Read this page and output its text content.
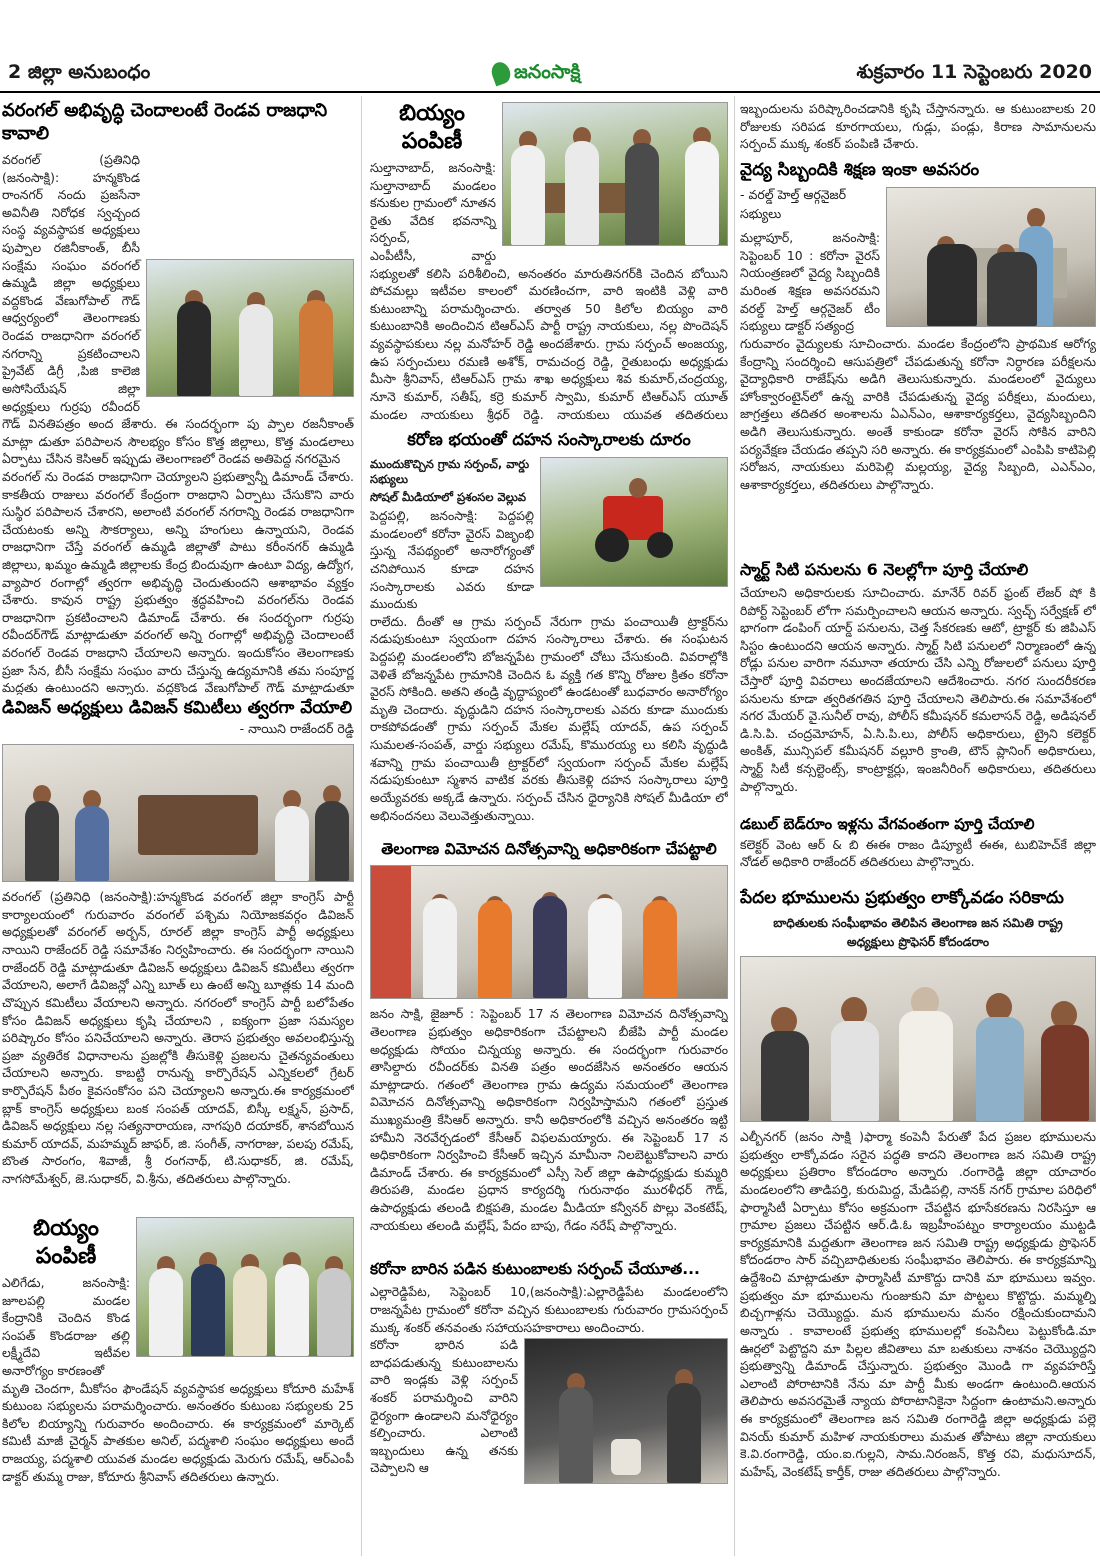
2 జిల్లా అనుబంధం	జనంసాక్షి	శుక్రవారం 11 సెప్టెంబరు 2020
వరంగల్ అభివృద్ధి చెందాలంటే రెండవ రాజధాని కావాలి

వరంగల్ (ప్రతినిధి (జనంసాక్షి): హన్మకొండ రాంనగర్ నందు ప్రజసేనా అవినీతి నిరోధక స్వచ్చంద సంస్థ వ్యవస్థాపక అధ్యక్షులు పుప్పాల రజినీకాంత్, బీసీ సంక్షేమ సంఘం వరంగల్ ఉమ్మడి జిల్లా అధ్యక్షులు వద్దకొండ వేణుగోపాల్ గౌడ్ ఆధ్వర్యంలో తెలంగాణకు రెండవ రాజధానిగా వరంగల్ నగరాన్ని ప్రకటించాలని ప్రైవేట్ డిగ్రీ ,పిజి కాలెజి అసోసియేషన్ జిల్లా అధ్యక్షులు గుర్రపు రవీందర్ గౌడ్ వినతిపత్రం అంద జేశారు. ఈ సందర్భంగా పు ప్పాల రజనీకాంత్ మాట్లా డుతూ పరిపాలన సౌలభ్యం కోసం కొత్త జిల్లాలు, కొత్త మండలాలు ఏర్పాటు చేసిన కెసిఆర్ ఇప్పుడు తెలంగాణలో రెండవ అతిపెద్ద నగరమైన

వరంగల్ ను రెండవ రాజధానిగా చెయ్యాలని ప్రభుత్వాన్నీ డిమాండ్ చేశారు. కాకతీయ రాజులు వరంగల్ కేంద్రంగా రాజధాని ఏర్పాటు చేసుకొని వారు సుస్థిర పరిపాలన చేశారని, అలాంటి వరంగల్ నగరాన్ని రెండవ రాజధానిగా చేయటంకు అన్ని సౌకర్యాలు, అన్ని హంగులు ఉన్నాయని, రెండవ రాజధానిగా చేస్తే వరంగల్ ఉమ్మడి జిల్లాతో పాటు కరీంనగర్ ఉమ్మడి జిల్లాలు, ఖమ్మం ఉమ్మడి జిల్లాలకు కేంద్ర బిందువుగా ఉంటూ విద్య, ఉద్యోగ, వ్యాపార రంగాల్లో త్వరగా అభివృద్ధి చెందుతుందని ఆశాభావం వ్యక్తం చేశారు. కావున రాష్ట్ర ప్రభుత్వం శ్రద్ధవహించి వరంగల్‌ను రెండవ రాజధానిగా ప్రకటించాలని డిమాండ్ చేశారు. ఈ సందర్భంగా గుర్రపు రవీందర్‌గౌడ్ మాట్లాడుతూ వరంగల్ అన్ని రంగాల్లో అభివృద్ధి చెందాలంటే వరంగల్ రెండవ రాజధాని చేయాలని అన్నారు. ఇందుకోసం తెలంగాణకు ప్రజా సేన, బీసీ సంక్షేమ సంఘం వారు చేస్తున్న ఉద్యమానికి తమ సంపూర్ణ మద్దతు ఉంటుందని అన్నారు. వద్దకొండ వేణుగోపాల్ గౌడ్ మాట్లాడుతూ

డివిజన్ అధ్యక్షులు డివిజన్ కమిటీలు త్వరగా వేయాలి
- నాయిని రాజేందర్ రెడ్డి

వరంగల్ (ప్రతినిధి (జనంసాక్షి):హన్మకొండ వరంగల్ జిల్లా కాంగ్రెస్ పార్టీ కార్యాలయంలో గురువారం వరంగల్ పశ్చిమ నియోజకవర్గం డివిజన్ అధ్యక్షులతో వరంగల్ అర్బన్, రూరల్ జిల్లా కాంగ్రెస్ పార్టీ అధ్యక్షులు నాయిని రాజేందర్ రెడ్డి సమావేశం నిర్వహించారు. ఈ సందర్భంగా నాయిని రాజేందర్ రెడ్డి మాట్లాడుతూ డివిజన్ అధ్యక్షులు డివిజన్ కమిటీలు త్వరగా వేయాలని, అలాగే డివిజన్లో ఎన్ని బూత్ లు ఉంటే అన్ని బూత్లకు 14 మంది చొప్పున కమిటీలు వేయాలని అన్నారు. నగరంలో కాంగ్రెస్ పార్టీ బలోపేతం కోసం డివిజన్ అధ్యక్షులు కృషి చేయాలని , ఐక్యంగా ప్రజా సమస్యల పరిష్కారం కోసం పనిచేయాలని అన్నారు. తెరాస ప్రభుత్వం అవలంభిస్తున్న ప్రజా వ్యతిరేక విధానాలను ప్రజల్లోకి తీసుకెళ్లి ప్రజలను చైతన్యవంతులు చేయాలని అన్నారు. కాబట్టి రానున్న కార్పొరేషన్ ఎన్నికలలో గ్రేటర్ కార్పొరేషన్ పీఠం కైవసంకోసం పని చెయ్యాలని అన్నారు.ఈ కార్యక్రమంలో బ్లాక్ కాంగ్రెస్ అధ్యక్షులు బంక సంపత్ యాదవ్, బిస్కీ లక్ష్మన్, ప్రసాద్, డివిజన్ అధ్యక్షులు నల్ల సత్యనారాయణ, నాగపురి దయాకర్, శానబోయిన కుమార్ యాదవ్, మహమ్మద్ జాఫర్, జి. సంగీత్, నాగరాజు, పలపు రమేష్, బొంత సారంగం, శివాజీ, శ్రీ రంగనాథ్, టి.సుధాకర్, జి. రమేష్, నాగసోమేశ్వర్, జె.సుధాకర్, వి.శ్రీను, తదితరులు పాల్గొన్నారు.

బియ్యం
పంపిణీ

ఎలిగేడు, జనంసాక్షి: జూలపల్లి మండల కేంద్రానికి చెందిన కొండ సంపత్ కొండరాజు తల్లి లక్ష్మీదేవి ఇటీవల అనారోగ్యం కారణంతో

మృతి చెందగా, మీకోసం ఫౌండేషన్ వ్యవస్థాపక అధ్యక్షులు కోదూరి మహేశ్ కుటుంబ సభ్యులను పరామర్శించారు. అనంతరం కుటుంబ సభ్యులకు 25 కిలోల బియ్యాన్ని గురువారం అందించారు. ఈ కార్యక్రమంలో మార్కెట్ కమిటీ మాజీ చైర్మన్ పాతకుల అనిల్, పద్మశాలి సంఘం అధ్యక్షులు అందే రాజయ్య, పద్మశాలి యువత మండల అధ్యక్షుడు మెరుగు రమేష్, ఆర్‌ఎంపీ డాక్టర్ తుమ్మ రాజు, కోదూరు శ్రీనివాస్ తదితరులు ఉన్నారు.

బియ్యం
పంపిణీ

సుల్తానాబాద్, జనంసాక్షి: సుల్తానాబాద్ మండలం కనుకుల గ్రామంలో నూతన రైతు వేదిక భవనాన్ని సర్పంచ్,

ఎంపీటీసీ, వార్డు సభ్యులతో కలిసి పరిశీలించి, అనంతరం మారుతినగర్‌కి చెందిన బోయిని పోచమల్లు ఇటీవల కాలంలో మరణించగా, వారి ఇంటికి వెళ్లి వారి కుటుంబాన్ని పరామర్శించారు. తర్వాత 50 కిలోల బియ్యం వారి కుటుంబానికి అందించిన టిఆర్ఎస్ పార్టీ రాష్ట్ర నాయకులు, నల్ల పొందెషన్ వ్యవస్థాపకులు నల్ల మనోహర్ రెడ్డి అందజేశారు. గ్రామ సర్పంచ్ అంజయ్య, ఉప సర్పంచులు రమణి అశోక్, రామచంద్ర రెడ్డి, రైతుబంధు అధ్యక్షుడు మీసా శ్రీనివాస్, టిఆర్ఎస్ గ్రామ శాఖ అధ్యక్షులు శివ కుమార్,చంద్రయ్య, నూనె కుమార్, సతీష్, కర్రె కుమార్ స్వామి, కుమార్ టిఆర్ఎస్ యూత్ మండల నాయకులు శ్రీధర్ రెడ్డి. నాయకులు యువత తదితరులు

కరోణ భయంతో దహన సంస్కారాలకు దూరం
ముందుకొచ్చిన గ్రామ సర్పంచ్, వార్డు సభ్యులు
సోషల్ మీడియాలో ప్రశంసల వెల్లువ

పెద్దపల్లి, జనంసాక్షి: పెద్దపల్లి మండలంలో కరోనా వైరస్ విజృంభి స్తున్న నేపథ్యంలో అనారోగ్యంతో చనిపోయిన కూడా దహన సంస్కారాలకు ఎవరు కూడా ముందుకు

రాలేదు. దీంతో ఆ గ్రామ సర్పంచ్ నేరుగా గ్రామ పంచాయితీ ట్రాక్టర్‌ను నడుపుకుంటూ స్వయంగా దహన సంస్కారాలు చేశారు. ఈ సంఘటన పెద్దపల్లి మండలంలోని బోజన్నపేట గ్రామంలో చోటు చేసుకుంది. వివరాల్లోకి వెళితే బోజన్నపేట గ్రామానికి చెందిన ఓ వ్యక్తి గత కొన్ని రోజుల క్రితం కరోనా వైరస్ సోకింది. అతని తండ్రి వృద్ధాప్యంలో ఉండటంతో బుధవారం అనారోగ్యం మృతి చెందారు. వృద్ధుడిని దహన సంస్కారాలకు ఎవరు కూడా ముందుకు రాకపోవడంతో గ్రామ సర్పంచ్ మేకల మల్లేష్ యాదవ్, ఉప సర్పంచ్ సుమలత-సంపత్, వార్డు సభ్యులు రమేష్, కొమురయ్య లు కలిసి వృద్ధుడి శవాన్ని గ్రామ పంచాయితీ ట్రాక్టర్‌లో స్వయంగా సర్పంచ్ మేకల మల్లేష్ నడుపుకుంటూ స్మశాన వాటిక వరకు తీసుకెళ్లి దహన సంస్కారాలు పూర్తి అయ్యేవరకు అక్కడే ఉన్నారు. సర్పంచ్ చేసిన ధైర్యానికి సోషల్ మీడియా లో అభినందనలు వెలువెత్తుతున్నాయి.

తెలంగాణ విమోచన దినోత్సవాన్ని అధికారికంగా చేపట్టాలి

జనం సాక్షి, జైజూర్ : సెప్టెంబర్ 17 న తెలంగాణ విమోచన దినోత్సవాన్ని తెలంగాణ ప్రభుత్వం అధికారికంగా చేపట్టాలని బీజేపి పార్టీ మండల అధ్యక్షుడు సోయం చిన్నయ్య అన్నారు. ఈ సందర్భంగా గురువారం తాసిల్దారు రవీందర్‌కు వినతి పత్రం అందజేసిన అనంతరం ఆయన మాట్లాడారు. గతంలో తెలంగాణ గ్రామ ఉద్యమ సమయంలో తెలంగాణ విమోచన దినోత్సవాన్ని అధికారికంగా నిర్వహిస్తామని గతంలో ప్రస్తుత ముఖ్యమంత్రి కేసిఆర్ అన్నారు. కానీ అధికారంలోకి వచ్చిన అనంతరం ఇట్టి హామీని నెరవేర్చడంలో కేసీఆర్ విఫలమయ్యారు. ఈ సెప్టెంబర్ 17 న అధికారికంగా నిర్వహించి కేసీఆర్ ఇచ్చిన మామీనా నిలబెట్టుకోవాలని వారు డిమాండ్ చేశారు. ఈ కార్యక్రమంలో ఎస్సీ సెల్ జిల్లా ఉపాధ్యక్షుడు కుమ్మరి తిరుపతి, మండల ప్రధాన కార్యదర్శి గురునాథం మురళీధర్ గౌడ్, ఉపాధ్యక్షుడు తలండి బిక్షపతి, మండల మీడియా కన్వీనర్ పొల్లు వెంకటేష్, నాయకులు తలండి మల్లేష్, పేదం బాపు, గేడం నరేష్ పాల్గొన్నారు.

కరోనా బారిన పడిన కుటుంబాలకు సర్పంచ్ చేయూత...

ఎల్లారెడ్డిపేట, సెప్టెంబర్ 10,(జనంసాక్షి):ఎల్లారెడ్డిపేట మండలంలోని రాజన్నపేట గ్రామంలో కరోనా వచ్చిన కుటుంబాలకు గురువారం గ్రామసర్పంచ్ ముక్క శంకర్ తనవంతు సహాయసహకారాలు అందించారు.

కరోనా భారిన పడి బాధపడుతున్న కుటుంబాలను వారి ఇండ్లకు వెళ్లి సర్పంచ్ శంకర్ పరామర్శించి వారిని ధైర్యంగా ఉండాలని మనోధైర్యం కల్పించారు. ఎలాంటి ఇబ్బందులు ఉన్న తనకు చెప్పాలని ఆ

ఇబ్బందులను పరిష్కారించడానికి కృషి చేస్తానన్నారు. ఆ కుటుంబాలకు 20 రోజులకు సరిపడ కూరగాయలు, గుడ్లు, పండ్లు, కిరాణ సామానులను సర్పంచ్ ముక్క శంకర్ పంపిణి చేశారు.

వైద్య సిబ్బందికి శిక్షణ ఇంకా అవసరం
- వరల్డ్ హెల్త్ ఆర్గనైజర్ సభ్యులు

మల్లాపూర్, జనంసాక్షి: సెప్టెంబర్ 10 : కరోనా వైరస్ నియంత్రణలో వైద్య సిబ్బందికి మరింత శిక్షణ అవసరమని వరల్డ్ హెల్త్ ఆర్గనైజర్ టీం సభ్యులు డాక్టర్ సత్యంద్ర

గురువారం వైద్యులకు సూచించారు. మండల కేంద్రంలోని ప్రాథమిక ఆరోగ్య కేంద్రాన్ని సందర్శించి ఆసుపత్రిలో చేపడుతున్న కరోనా నిర్ధారణ పరీక్షలను వైద్యాధికారి రాజేష్‌ను అడిగి తెలుసుకున్నారు. మండలంలో వైద్యులు హోంక్వారంటైన్‌లో ఉన్న వారికి చేపడుతున్న వైద్య పరీక్షలు, మందులు, జాగ్రత్తలు తదితర అంశాలను ఏఎన్ఎం, ఆశాకార్యకర్తలు, వైద్యసిబ్బందిని అడిగి తెలుసుకున్నారు. అంతే కాకుండా కరోనా వైరస్ సోకిన వారిని పర్యవేక్షణ చేయడం తప్పని సరి అన్నారు. ఈ కార్యక్రమంలో ఎంపిపి కాటిపెల్లి సరోజన, నాయకులు మరిపెల్లి మల్లయ్య, వైద్య సిబ్బంది, ఎఎన్ఎం, ఆశాకార్యకర్తలు, తదితరులు పాల్గొన్నారు.

స్మార్ట్ సిటి పనులను 6 నెలల్లోగా పూర్తి చేయాలి

చేయాలని అధికారులకు సూచించారు. మానేర్ రివర్ ఫ్రంట్ లేజర్ షో కి రిపోర్ట్ సెప్టెంబర్ లోగా సమర్పించాలని ఆయన అన్నారు. స్వచ్ఛ్ సర్వేక్షణ్ లో భాగంగా డంపింగ్ యార్డ్ పనులను, చెత్త సేకరణకు ఆటో, ట్రాక్టర్ కు జిపిఎస్ సిస్టం ఉంటుందని ఆయన అన్నారు. స్మార్ట్ సిటి పనులలో నిర్మాణంలో ఉన్న రోడ్లు పనుల వారిగా నమూనా తయారు చేసి ఎన్ని రోజులలో పనులు పూర్తి చేస్తారో పూర్తి వివరాలు అందజేయాలని ఆదేశించారు. నగర సుందరీకరణ పనులను కూడా త్వరితగతిన పూర్తి చేయాలని తెలిపారు.ఈ సమావేశంలో నగర మేయర్ వై.సునీల్ రావు, పోలీస్ కమీషనర్ కమలాసన్ రెడ్డి, అడిషనల్ డి.సి.పి. చంద్రమోహన్, ఏ.సి.పి.లు, పోలీస్ అధికారులు, ట్రైని కలెక్టర్ అంకిత్, మున్సిపల్ కమీషనర్ వల్లూరి క్రాంతి, టౌన్ ప్లానింగ్ అధికారులు, స్మార్ట్ సిటీ కన్సల్టెంట్స్, కాంట్రాక్టర్లు, ఇంజనీరింగ్ అధికారులు, తదితరులు పాల్గొన్నారు.

డబుల్ బెడ్‌రూం ఇళ్లను వేగవంతంగా పూర్తి చేయాలి

కలెక్టర్ వెంట ఆర్ & బి ఈఈ రాజం డిప్యూటీ ఈఈ, టుబిహెచ్‌కే జిల్లా నోడల్ అధికారి రాజేందర్ తదితరులు పాల్గొన్నారు.

పేదల భూములను ప్రభుత్వం లాక్కోవడం సరికాదు
బాధితులకు సంఘీభావం తెలిపిన తెలంగాణ జన సమితి రాష్ట్ర
అధ్యక్షులు ప్రొఫెసర్ కోదండరాం

ఎల్బీనగర్ (జనం సాక్షి )ఫార్మా కంపెనీ పేరుతో పేద ప్రజల భూములను ప్రభుత్వం లాక్కోవడం సరైన పద్ధతి కాదని తెలంగాణ జన సమితి రాష్ట్ర అధ్యక్షులు ప్రతిరాం కోదండరాం అన్నారు .రంగారెడ్డి జిల్లా యాచారం మండలంలోని తాడిపర్తి, కురుమిద్ద, మేడిపల్లి, నానక్ నగర్ గ్రామాల పరిధిలో ఫార్మాసిటీ ఏర్పాటు కోసం అక్రమంగా చేపట్టిన భూసేకరణను నిరసిస్తూ ఆ గ్రామాల ప్రజలు చేపట్టిన ఆర్.డి.ఓ ఇబ్రహీంపట్నం కార్యాలయం ముట్టడి కార్యక్రమానికి మద్దతుగా తెలంగాణ జన సమితి రాష్ట్ర అధ్యక్షుడు ప్రొఫెసర్ కోదండరాం సార్ వచ్చిబాధితులకు సంఘీభావం తెలిపారు. ఈ కార్యక్రమాన్ని ఉద్దేశించి మాట్లాడుతూ ఫార్మాసిటీ మాకొద్దు దానికి మా భూములు ఇవ్వం. ప్రభుత్వం మా భూములను గుంజుకుని మా పొట్టలు కొట్టొద్దు. మమ్మల్ని బిచ్చగాళ్లను చెయ్యొద్దు. మన భూములను మనం రక్షించుకుందామని అన్నారు . కావాలంటే ప్రభుత్వ భూములల్లో కంపెనీలు పెట్టుకోండి.మా ఊర్లలో పెట్టొద్దని మా పిల్లల జీవితాలు మా బతుకులు నాశనం చెయ్యొద్దని ప్రభుత్వాన్ని డిమాండ్ చేస్తున్నారు. ప్రభుత్వం మొండి గా వ్యవహరిస్తే ఎలాంటి పోరాటానికి నేను మా పార్టీ మీకు అండగా ఉంటుంది.ఆయన తెలిపారు అవసరమైతే న్యాయ పోరాటానికైనా సిద్దంగా ఉంటామని.అన్నారు ఈ కార్యక్రమంలో తెలంగాణ జన సమితి రంగారెడ్డి జిల్లా అధ్యక్షుడు పల్లె వినయ్ కుమార్ మహిళ నాయకురాలు మమత తోపాటు జిల్లా నాయకులు కె.వి.రంగారెడ్డి, యం.ఐ.గుల్లని, సామ.నిరంజన్, కొత్త రవి, మధుసూదన్, మహేష్, వెంకటేష్ కార్తీక్, రాజు తదితరులు పాల్గొన్నారు.
